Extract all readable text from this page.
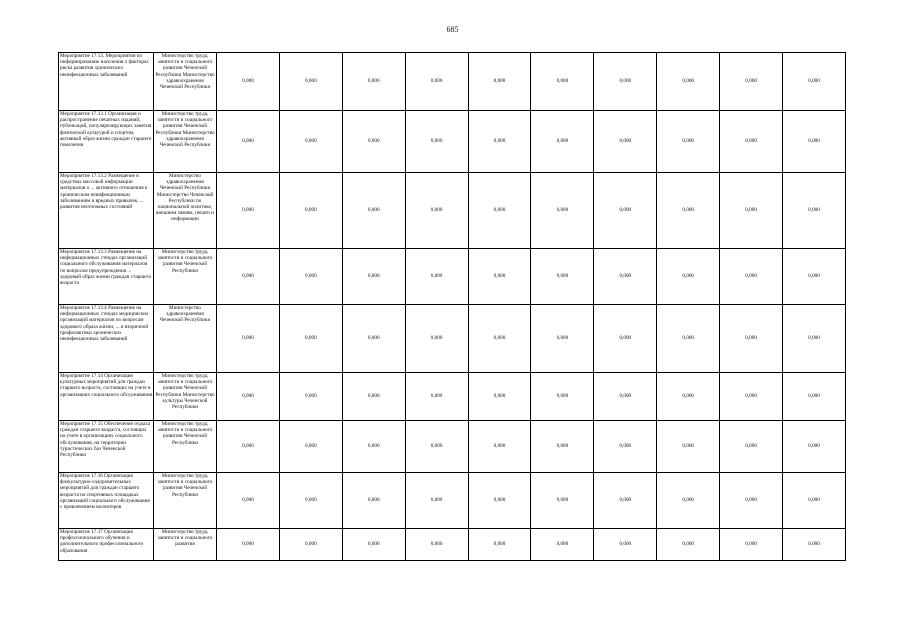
685
Мероприятие 17.13. Мероприятия по информированию населения о факторах риска развития хронических неинфекционных заболеваний	Министерство труда, занятости и социального развития Чеченской Республики Министерство здравоохранения Чеченской Республики	0,000	0,000	0,000	0,000	0,000	0,000	0,000	0,000	0,000	0,000

Мероприятие 17.13.1 Организация и распространение печатных изданий, публикаций, популяризирующих занятия физической культурой и спортом, активный образ жизни граждан старшего поколения	Министерство труда, занятости и социального развития Чеченской Республики Министерство здравоохранения Чеченской Республики	0,000	0,000	0,000	0,000	0,000	0,000	0,000	0,000	0,000	0,000

Мероприятие 17.13.2 Размещение в средствах массовой информации материалов о ... активного отношения к хроническим неинфекционным заболеваниям и вредных привычек, ... развития неотложных состояний	Министерство здравоохранения Чеченской Республики Министерство Чеченской Республики по национальной политике, внешним связям, печати и информации	0,000	0,000	0,000	0,000	0,000	0,000	0,000	0,000	0,000	0,000

Мероприятие 17.13.3 Размещение на информационных стендах организаций социального обслуживания материалов по вопросам предупреждения ... здоровый образ жизни граждан старшего возраста	Министерство труда, занятости и социального развития Чеченской Республики	0,000	0,000	0,000	0,000	0,000	0,000	0,000	0,000	0,000	0,000

Мероприятие 17.13.4 Размещение на информационных стендах медицинских организаций материалов по вопросам здорового образа жизни, ... и вторичной профилактики хронических неинфекционных заболеваний	Министерство здравоохранения Чеченской Республики	0,000	0,000	0,000	0,000	0,000	0,000	0,000	0,000	0,000	0,000

Мероприятие 17.14 Организация культурных мероприятий для граждан старшего возраста, состоящих на учете в организациях социального обслуживания	Министерство труда, занятости и социального развития Чеченской Республики Министерство культуры Чеченской Республики	0,000	0,000	0,000	0,000	0,000	0,000	0,000	0,000	0,000	0,000

Мероприятие 17.15 Обеспечение отдыха граждан старшего возраста, состоящих на учете в организациях социального обслуживания, на территории туристических баз Чеченской Республики	Министерство труда, занятости и социального развития Чеченской Республики	0,000	0,000	0,000	0,000	0,000	0,000	0,000	0,000	0,000	0,000

Мероприятие 17.16 Организация физкультурно-оздоровительных мероприятий для граждан старшего возраста на спортивных площадках организаций социального обслуживания с привлечением волонтеров	Министерство труда, занятости и социального развития Чеченской Республики	0,000	0,000	0,000	0,000	0,000	0,000	0,000	0,000	0,000	0,000

Мероприятие 17.17 Организация профессионального обучения и дополнительного профессионального образования	Министерство труда, занятости и социального развития	0,000	0,000	0,000	0,000	0,000	0,000	0,000	0,000	0,000	0,000
